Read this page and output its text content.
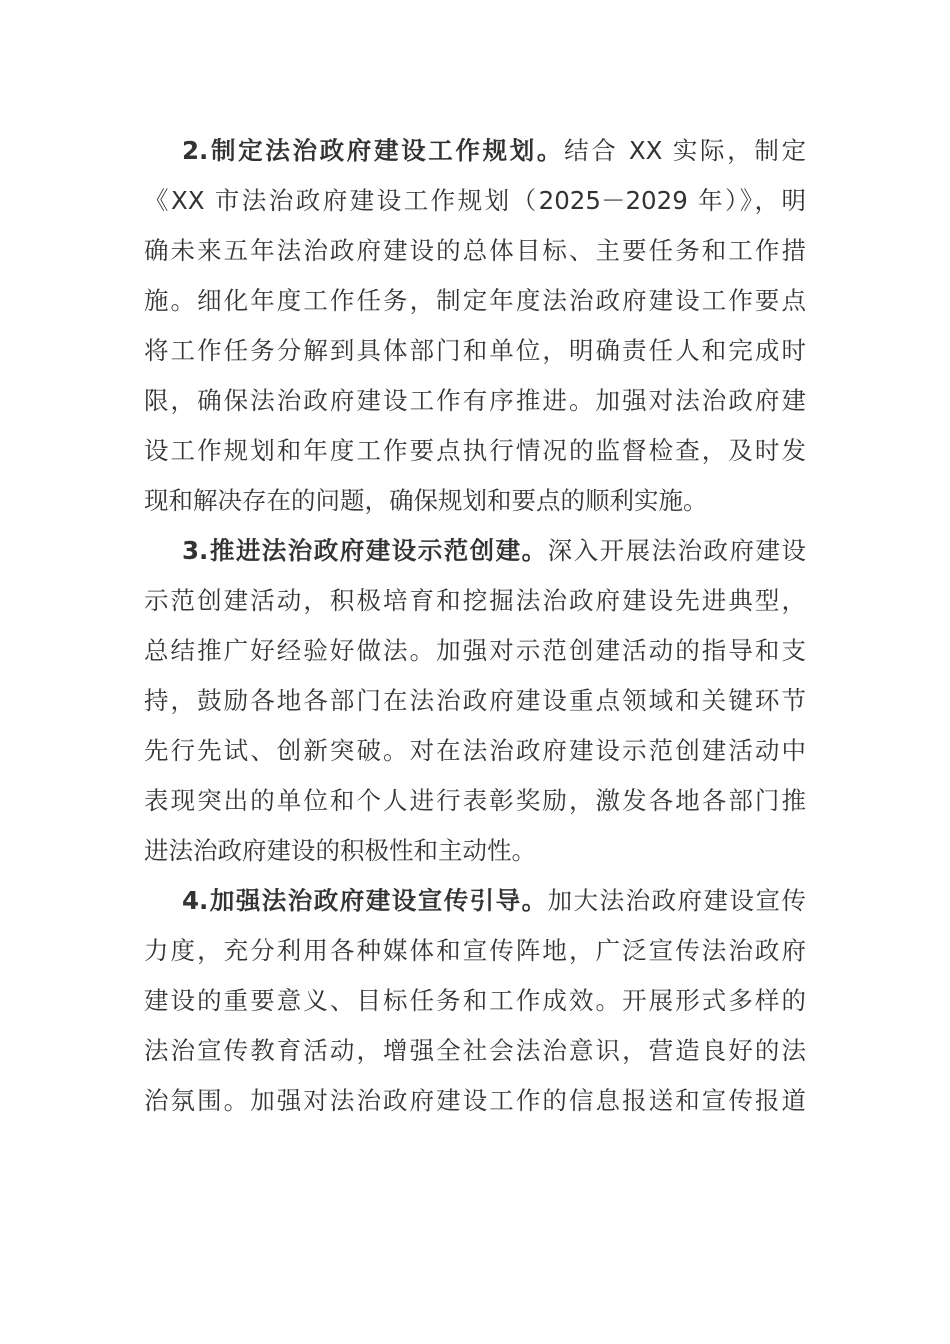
2.制定法治政府建设工作规划。结合 XX 实际，制定
《XX 市法治政府建设工作规划（2025－2029 年）》，明
确未来五年法治政府建设的总体目标、主要任务和工作措
施。细化年度工作任务，制定年度法治政府建设工作要点
将工作任务分解到具体部门和单位，明确责任人和完成时
限，确保法治政府建设工作有序推进。加强对法治政府建
设工作规划和年度工作要点执行情况的监督检查，及时发
现和解决存在的问题，确保规划和要点的顺利实施。

3.推进法治政府建设示范创建。深入开展法治政府建设
示范创建活动，积极培育和挖掘法治政府建设先进典型，
总结推广好经验好做法。加强对示范创建活动的指导和支
持，鼓励各地各部门在法治政府建设重点领域和关键环节
先行先试、创新突破。对在法治政府建设示范创建活动中
表现突出的单位和个人进行表彰奖励，激发各地各部门推
进法治政府建设的积极性和主动性。

4.加强法治政府建设宣传引导。加大法治政府建设宣传
力度，充分利用各种媒体和宣传阵地，广泛宣传法治政府
建设的重要意义、目标任务和工作成效。开展形式多样的
法治宣传教育活动，增强全社会法治意识，营造良好的法
治氛围。加强对法治政府建设工作的信息报送和宣传报道
